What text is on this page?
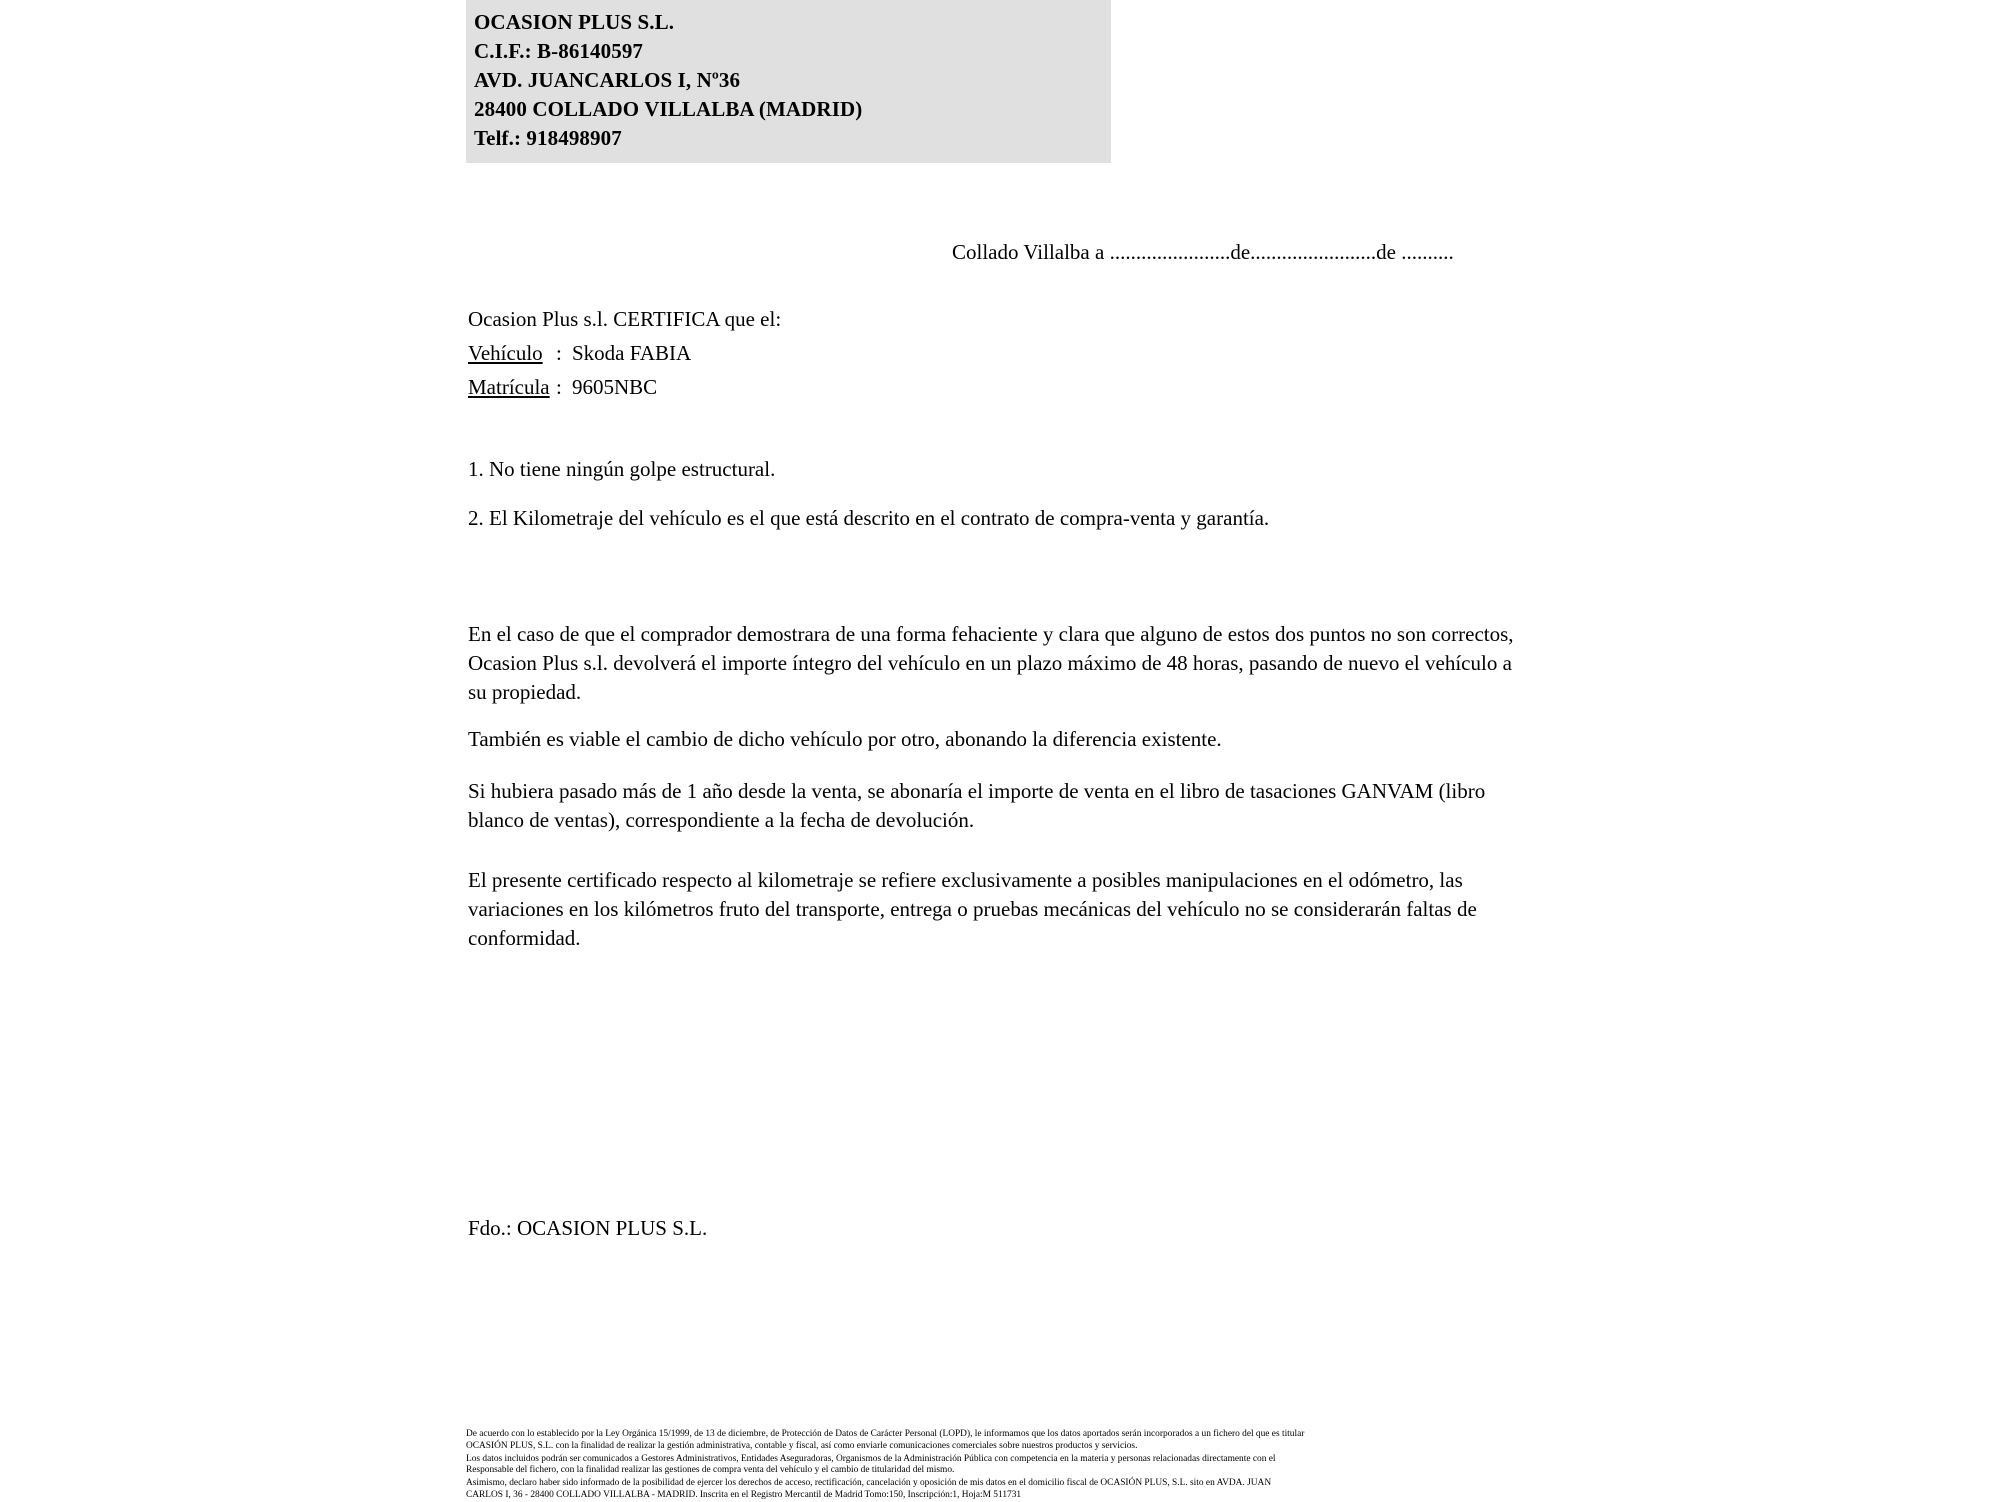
OCASION PLUS S.L.
C.I.F.: B-86140597
AVD. JUANCARLOS I, Nº36
28400 COLLADO VILLALBA (MADRID)
Telf.: 918498907
Collado Villalba a .......................de........................de ..........
Ocasion Plus s.l. CERTIFICA que el:
Vehículo : Skoda FABIA
Matrícula : 9605NBC
1. No tiene ningún golpe estructural.
2. El Kilometraje del vehículo es el que está descrito en el contrato de compra-venta y garantía.
En el caso de que el comprador demostrara de una forma fehaciente y clara que alguno de estos dos puntos no son correctos, Ocasion Plus s.l. devolverá el importe íntegro del vehículo en un plazo máximo de 48 horas, pasando de nuevo el vehículo a su propiedad.
También es viable el cambio de dicho vehículo por otro, abonando la diferencia existente.
Si hubiera pasado más de 1 año desde la venta, se abonaría el importe de venta en el libro de tasaciones GANVAM (libro blanco de ventas), correspondiente a la fecha de devolución.
El presente certificado respecto al kilometraje se refiere exclusivamente a posibles manipulaciones en el odómetro, las variaciones en los kilómetros fruto del transporte, entrega o pruebas mecánicas del vehículo no se considerarán faltas de conformidad.
Fdo.: OCASION PLUS S.L.

De acuerdo con lo establecido por la Ley Orgánica 15/1999, de 13 de diciembre, de Protección de Datos de Carácter Personal (LOPD), le informamos que los datos aportados serán incorporados a un fichero del que es titular

OCASIÓN PLUS, S.L. con la finalidad de realizar la gestión administrativa, contable y fiscal, así como enviarle comunicaciones comerciales sobre nuestros productos y servicios.

Los datos incluidos podrán ser comunicados a Gestores Administrativos, Entidades Aseguradoras, Organismos de la Administración Pública con competencia en la materia y personas relacionadas directamente con el

Responsable del fichero, con la finalidad realizar las gestiones de compra venta del vehículo y el cambio de titularidad del mismo.

Asimismo, declaro haber sido informado de la posibilidad de ejercer los derechos de acceso, rectificación, cancelación y oposición de mis datos en el domicilio fiscal de OCASIÓN PLUS, S.L. sito en AVDA. JUAN

CARLOS I, 36 - 28400 COLLADO VILLALBA - MADRID. Inscrita en el Registro Mercantil de Madrid Tomo:150, Inscripción:1, Hoja:M 511731
